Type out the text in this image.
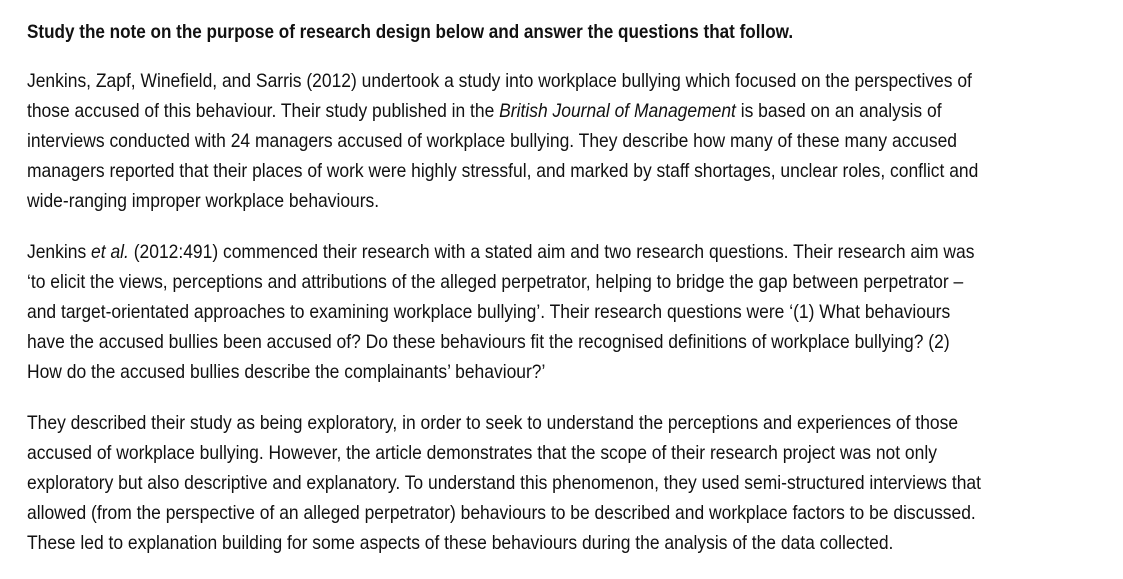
Study the note on the purpose of research design below and answer the questions that follow.
Jenkins, Zapf, Winefield, and Sarris (2012) undertook a study into workplace bullying which focused on the perspectives of
those accused of this behaviour. Their study published in the British Journal of Management is based on an analysis of
interviews conducted with 24 managers accused of workplace bullying. They describe how many of these many accused
managers reported that their places of work were highly stressful, and marked by staff shortages, unclear roles, conflict and
wide-ranging improper workplace behaviours.
Jenkins et al. (2012:491) commenced their research with a stated aim and two research questions. Their research aim was
‘to elicit the views, perceptions and attributions of the alleged perpetrator, helping to bridge the gap between perpetrator –
and target-orientated approaches to examining workplace bullying’. Their research questions were ‘(1) What behaviours
have the accused bullies been accused of? Do these behaviours fit the recognised definitions of workplace bullying? (2)
How do the accused bullies describe the complainants’ behaviour?’
They described their study as being exploratory, in order to seek to understand the perceptions and experiences of those
accused of workplace bullying. However, the article demonstrates that the scope of their research project was not only
exploratory but also descriptive and explanatory. To understand this phenomenon, they used semi-structured interviews that
allowed (from the perspective of an alleged perpetrator) behaviours to be described and workplace factors to be discussed.
These led to explanation building for some aspects of these behaviours during the analysis of the data collected.
